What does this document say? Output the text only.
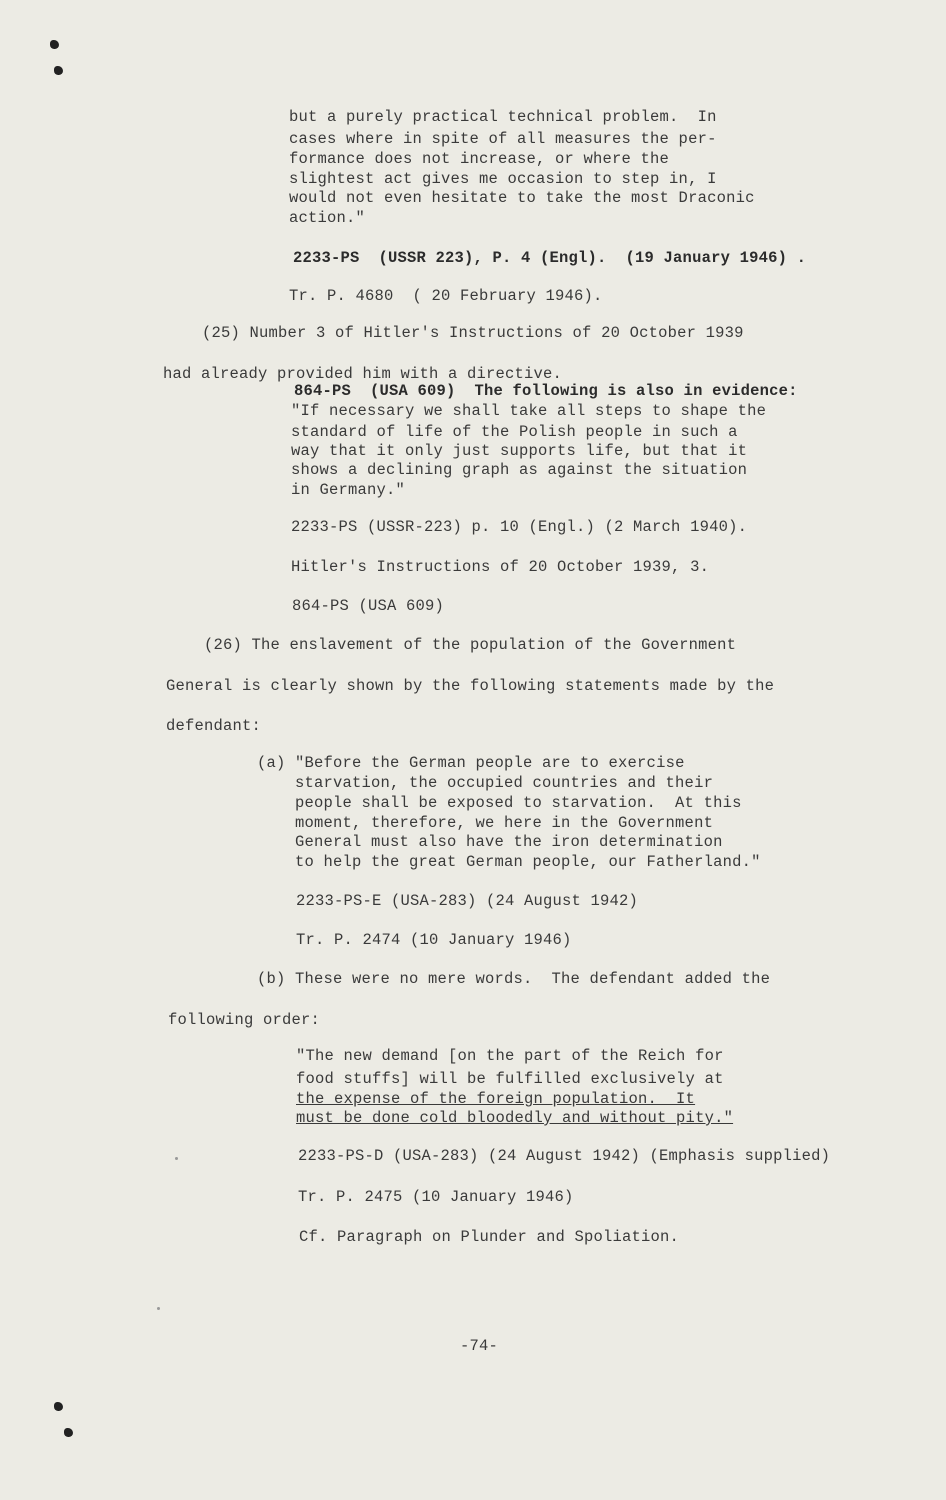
but a purely practical technical problem.  In
cases where in spite of all measures the per-
formance does not increase, or where the
slightest act gives me occasion to step in, I
would not even hesitate to take the most Draconic
action."
2233-PS  (USSR 223), P. 4 (Engl).  (19 January 1946) .
Tr. P. 4680  ( 20 February 1946).
(25) Number 3 of Hitler's Instructions of 20 October 1939
had already provided him with a directive.
864-PS  (USA 609)  The following is also in evidence:
"If necessary we shall take all steps to shape the
standard of life of the Polish people in such a
way that it only just supports life, but that it
shows a declining graph as against the situation
in Germany."
2233-PS (USSR-223) p. 10 (Engl.) (2 March 1940).
Hitler's Instructions of 20 October 1939, 3.
864-PS (USA 609)
(26) The enslavement of the population of the Government
General is clearly shown by the following statements made by the
defendant:
(a) "Before the German people are to exercise
starvation, the occupied countries and their
people shall be exposed to starvation.  At this
moment, therefore, we here in the Government
General must also have the iron determination
to help the great German people, our Fatherland."
2233-PS-E (USA-283) (24 August 1942)
Tr. P. 2474 (10 January 1946)
(b) These were no mere words.  The defendant added the
following order:
"The new demand [on the part of the Reich for
food stuffs] will be fulfilled exclusively at
the expense of the foreign population.  It
must be done cold bloodedly and without pity."
2233-PS-D (USA-283) (24 August 1942) (Emphasis supplied)
Tr. P. 2475 (10 January 1946)
Cf. Paragraph on Plunder and Spoliation.
-74-
